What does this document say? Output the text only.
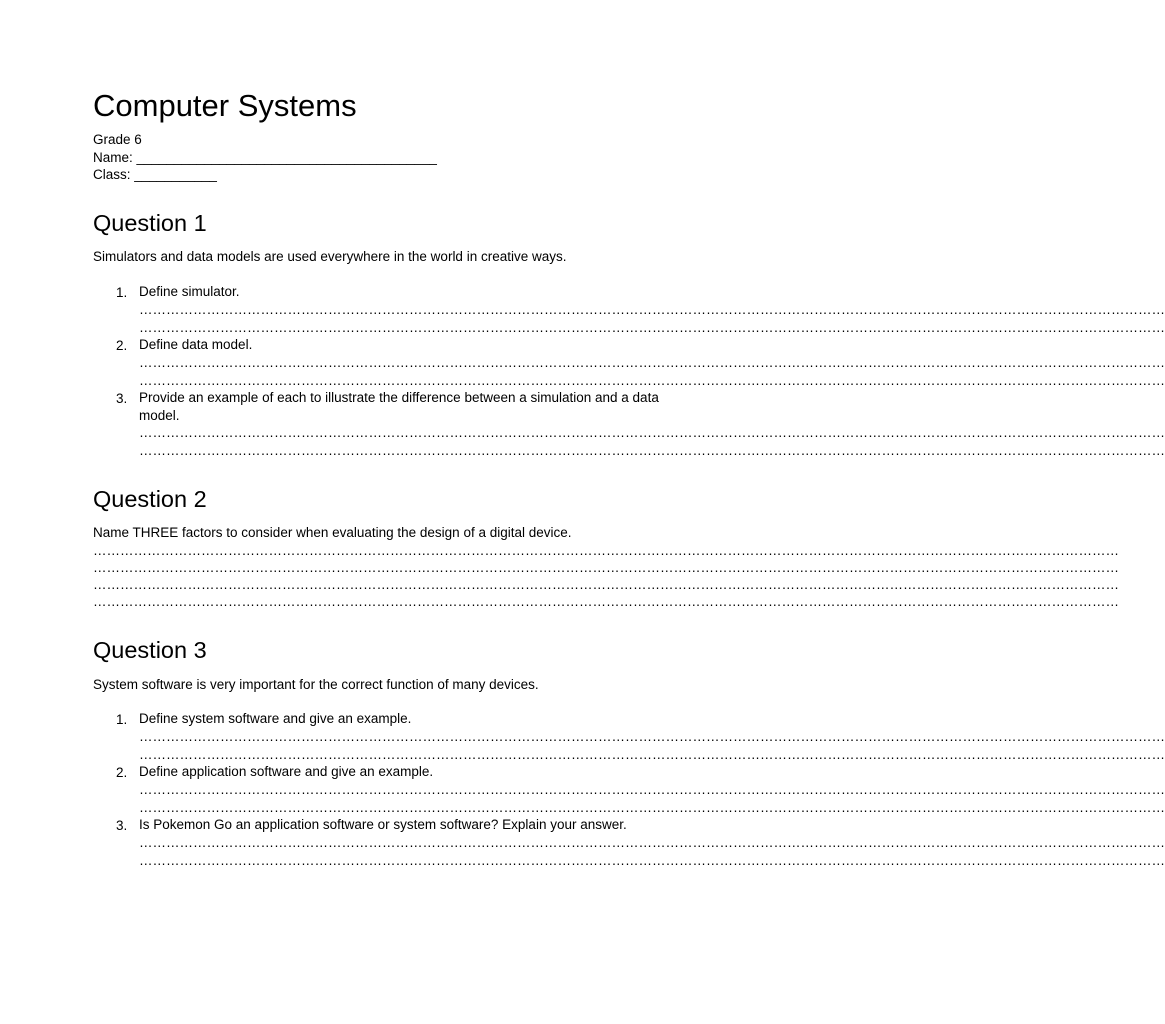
Computer Systems
Grade 6
Name: ________________________________________
Class: ___________
Question 1
Simulators and data models are used everywhere in the world in creative ways.
1. Define simulator.
…………………………………………………………………………………………………………………………………………………………………………………………………………
…………………………………………………………………………………………………………………………………………………………………………………………………………
2. Define data model.
…………………………………………………………………………………………………………………………………………………………………………………………………………
…………………………………………………………………………………………………………………………………………………………………………………………………………
3. Provide an example of each to illustrate the difference between a simulation and a data model.
…………………………………………………………………………………………………………………………………………………………………………………………………………
…………………………………………………………………………………………………………………………………………………………………………………………………………
Question 2
Name THREE factors to consider when evaluating the design of a digital device.
…………………………………………………………………………………………………………………………………………………………………………………………………………
…………………………………………………………………………………………………………………………………………………………………………………………………………
…………………………………………………………………………………………………………………………………………………………………………………………………………
…………………………………………………………………………………………………………………………………………………………………………………………………………
Question 3
System software is very important for the correct function of many devices.
1. Define system software and give an example.
…………………………………………………………………………………………………………………………………………………………………………………………………………
…………………………………………………………………………………………………………………………………………………………………………………………………………
2. Define application software and give an example.
…………………………………………………………………………………………………………………………………………………………………………………………………………
…………………………………………………………………………………………………………………………………………………………………………………………………………
3. Is Pokemon Go an application software or system software? Explain your answer.
…………………………………………………………………………………………………………………………………………………………………………………………………………
…………………………………………………………………………………………………………………………………………………………………………………………………………
